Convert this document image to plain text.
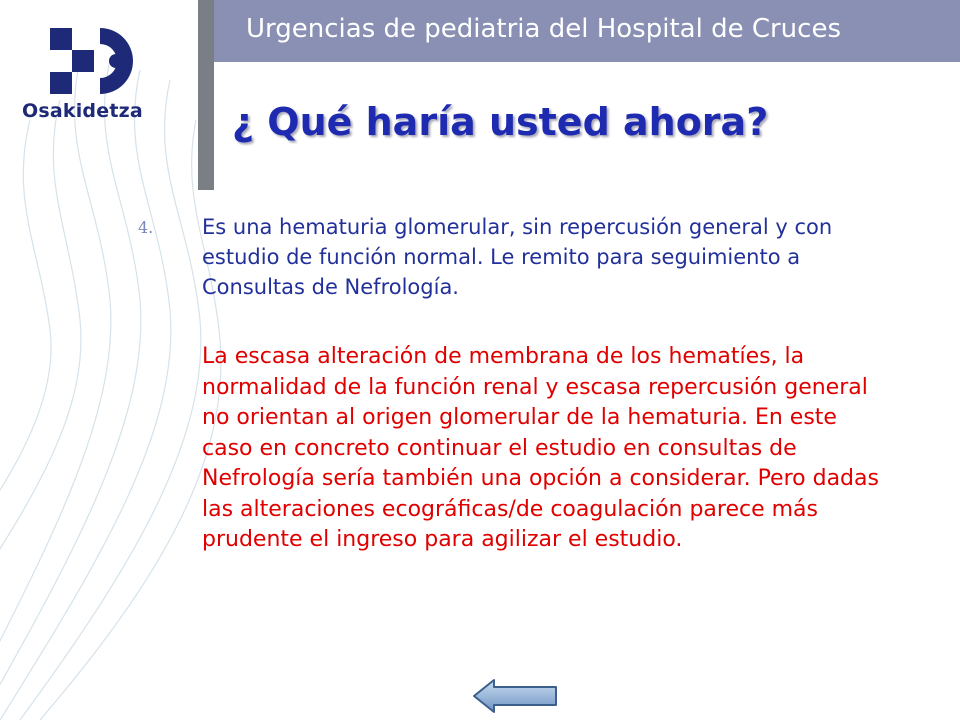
Osakidetza
Urgencias de pediatria del Hospital de Cruces
¿ Qué haría usted ahora?
4. Es una hematuria glomerular, sin repercusión general y con estudio de función normal. Le remito para seguimiento a Consultas de Nefrología.
La escasa alteración de membrana de los hematíes, la normalidad de la función renal y escasa repercusión general no orientan al origen glomerular de la hematuria. En este caso en concreto continuar el estudio en consultas de Nefrología sería también una opción a considerar. Pero dadas las alteraciones ecográficas/de coagulación parece más prudente el ingreso para agilizar el estudio.
